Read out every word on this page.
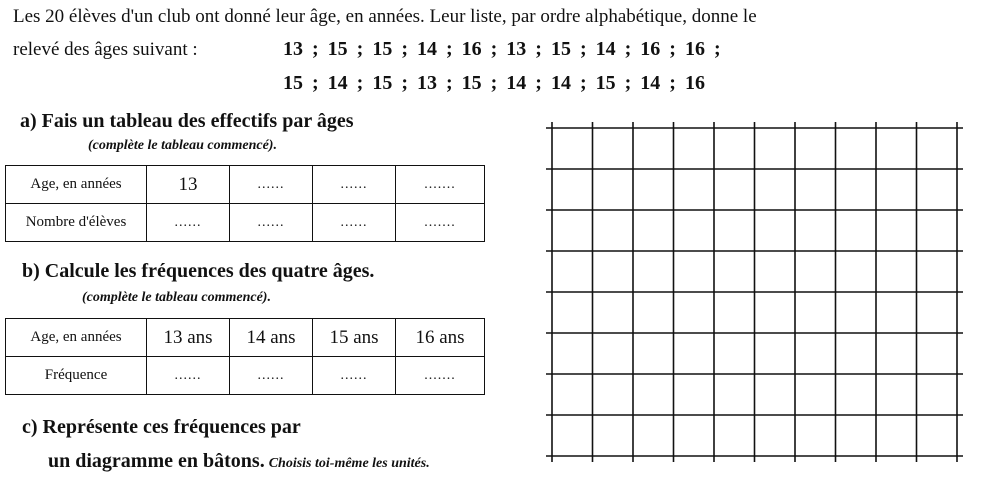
Les 20 élèves d'un club ont donné leur âge, en années. Leur liste, par ordre alphabétique, donne le
relevé des âges suivant :	13 ; 15 ; 15 ; 14 ; 16 ; 13 ; 15 ; 14 ; 16 ; 16 ;
15 ; 14 ; 15 ; 13 ; 15 ; 14 ; 14 ; 15 ; 14 ; 16
a) Fais un tableau des effectifs par âges
(complète le tableau commencé).
Age, en années	13	......	......	.......
Nombre d'élèves	......	......	......	.......
b) Calcule les fréquences des quatre âges.
(complète le tableau commencé).
Age, en années	13 ans	14 ans	15 ans	16 ans
Fréquence	......	......	......	.......
c) Représente ces fréquences par
un diagramme en bâtons. Choisis toi-même les unités.
